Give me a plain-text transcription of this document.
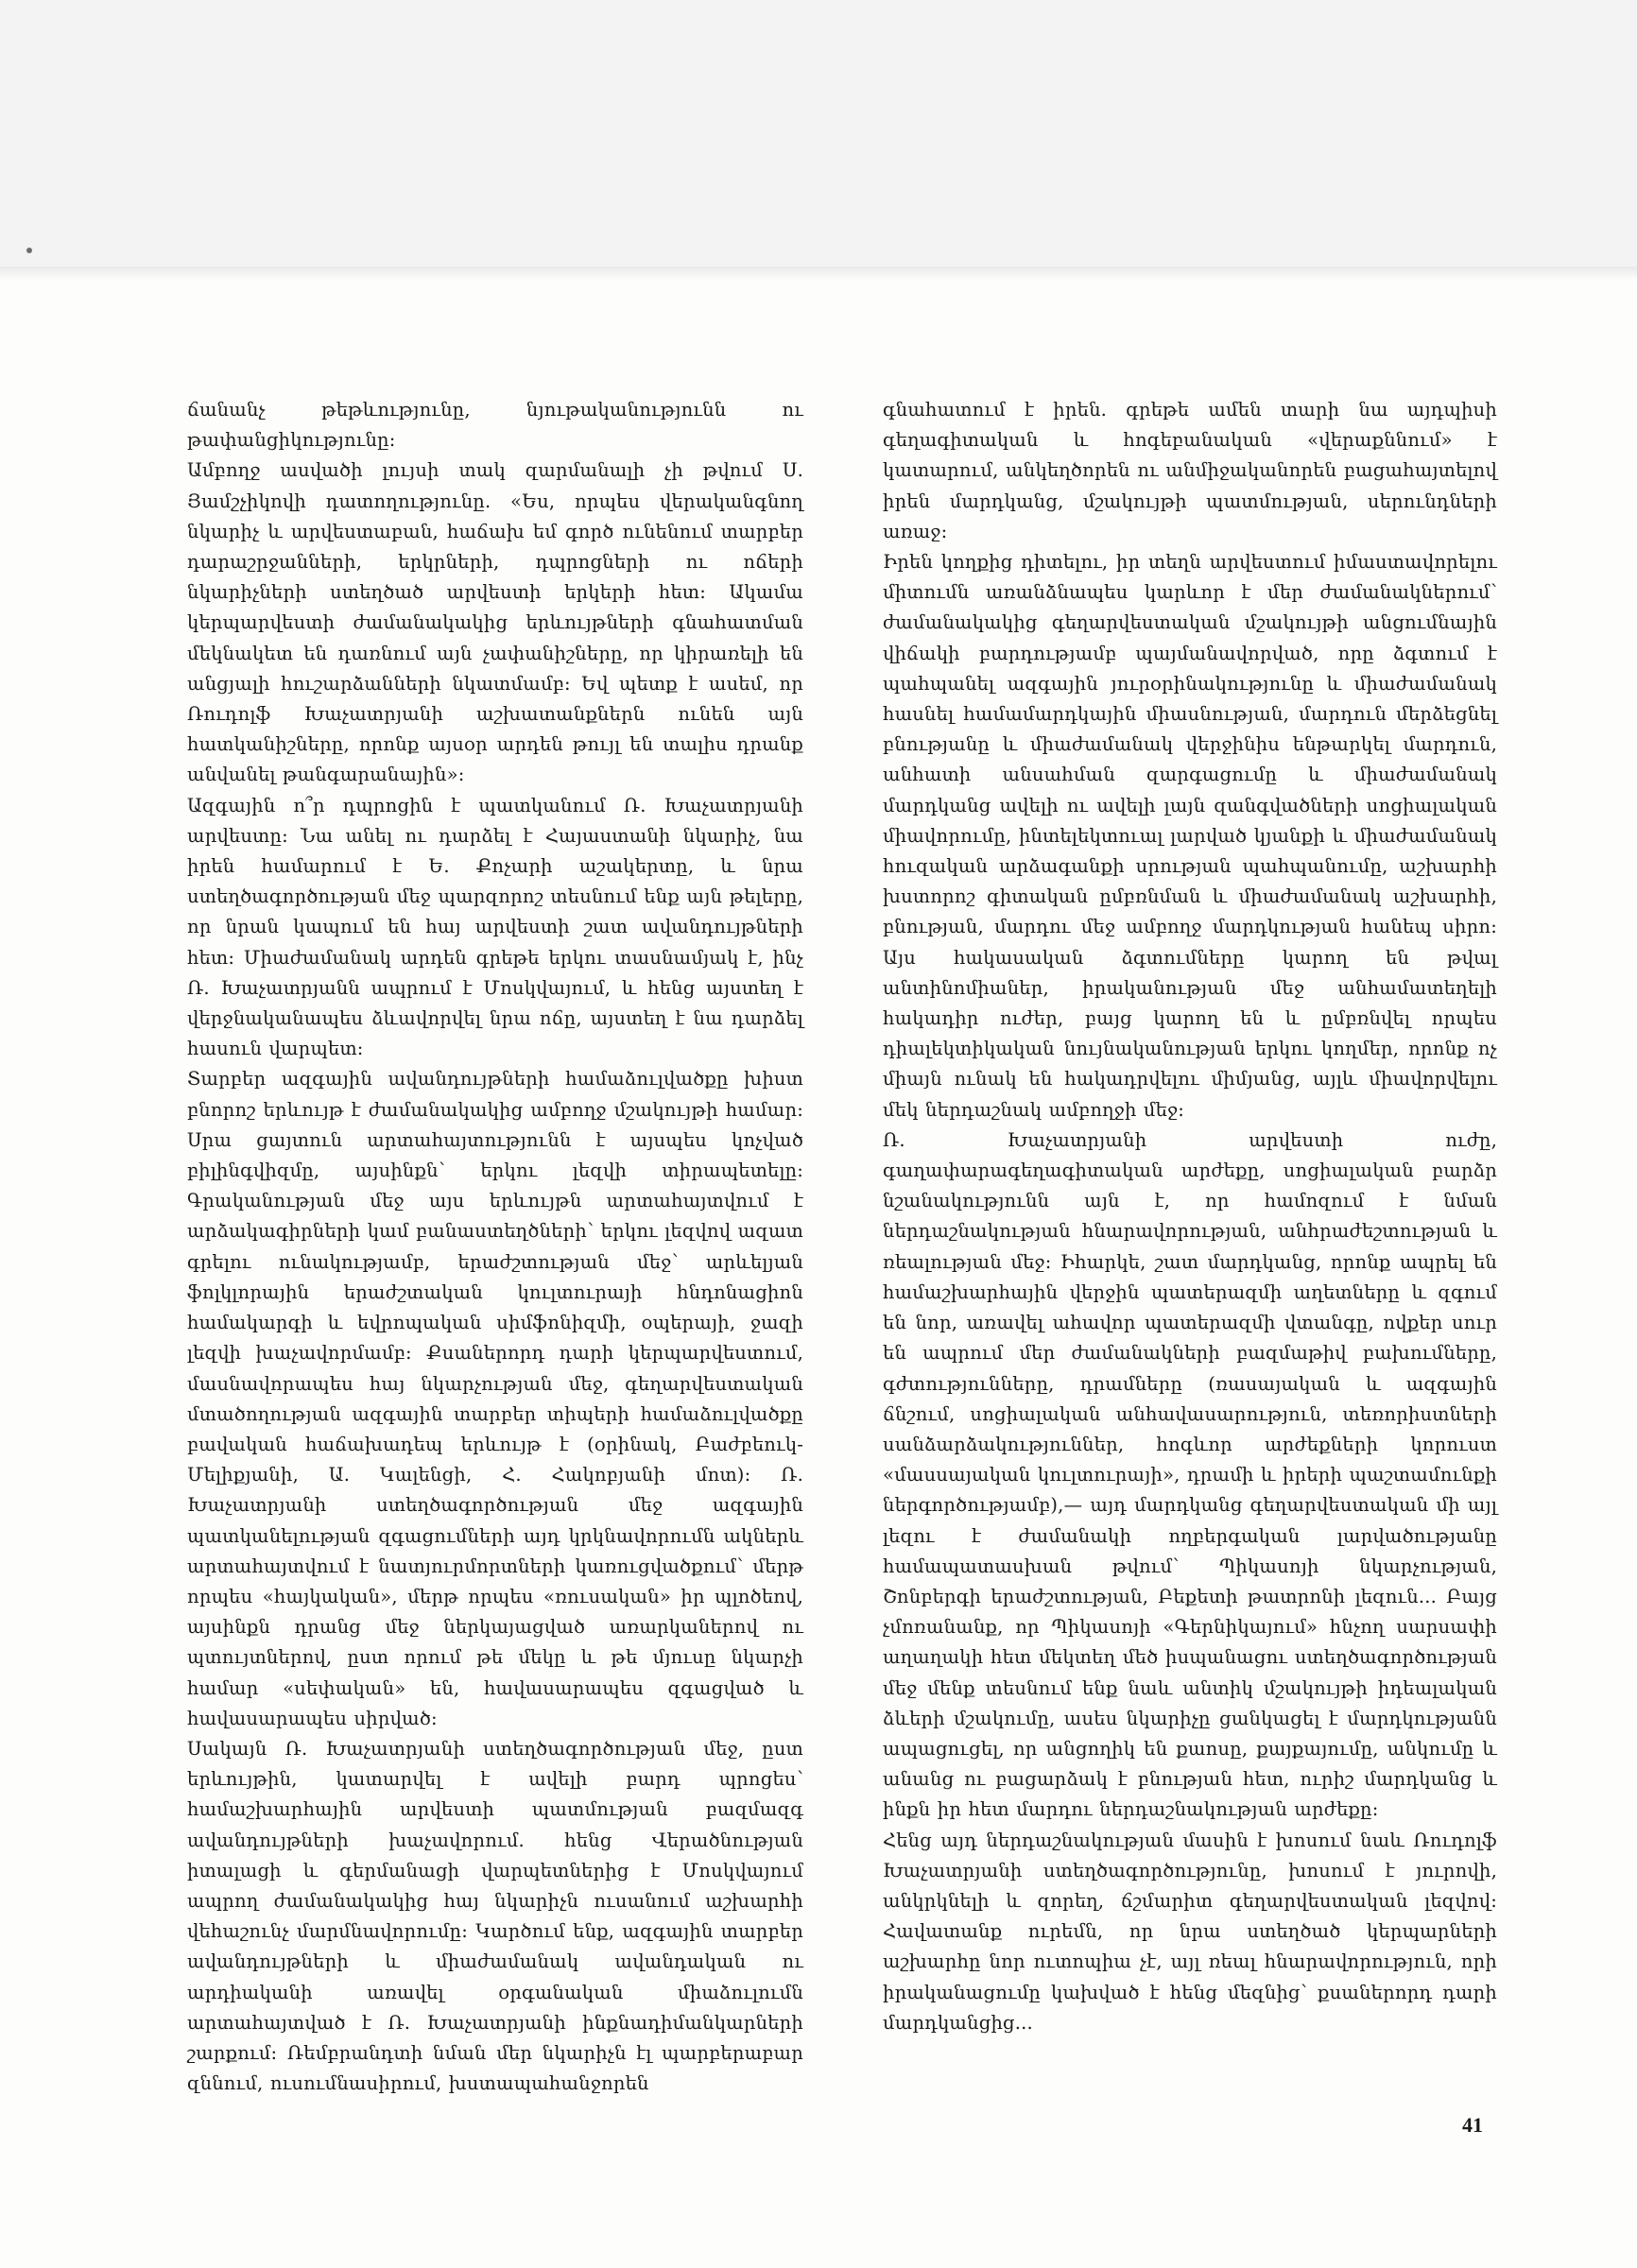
ճանանչ թեթևությունը, նյութականությունն ու թափանցիկությունը:

Ամբողջ ասվածի լույսի տակ զարմանալի չի թվում Ս. Յամշչիկովի դատողությունը. «Ես, որպես վերականգնող նկարիչ և արվեստաբան, հաճախ եմ գործ ունենում տարբեր դարաշրջանների, երկրների, դպրոցների ու ոճերի նկարիչների ստեղծած արվեստի երկերի հետ: Ակամա կերպարվեստի ժամանակակից երևույթների գնահատման մեկնակետ են դառնում այն չափանիշները, որ կիրառելի են անցյալի հուշարձանների նկատմամբ: Եվ պետք է ասեմ, որ Ռուդոլֆ Խաչատրյանի աշխատանքներն ունեն այն հատկանիշները, որոնք այսօր արդեն թույլ են տալիս դրանք անվանել թանգարանային»:

Ազգային ո՞ր դպրոցին է պատկանում Ռ. Խաչատրյանի արվեստը: Նա անել ու դարձել է Հայաստանի նկարիչ, նա իրեն համարում է Ե. Քոչարի աշակերտը, և նրա ստեղծագործության մեջ պարզորոշ տեսնում ենք այն թելերը, որ նրան կապում են հայ արվեստի շատ ավանդույթների հետ: Միաժամանակ արդեն գրեթե երկու տասնամյակ է, ինչ Ռ. Խաչատրյանն ապրում է Մոսկվայում, և հենց այստեղ է վերջնականապես ձևավորվել նրա ոճը, այստեղ է նա դարձել հասուն վարպետ:

Տարբեր ազգային ավանդույթների համաձուլվածքը խիստ բնորոշ երևույթ է ժամանակակից ամբողջ մշակույթի համար: Սրա ցայտուն արտահայտությունն է այսպես կոչված բիլինգվիզմը, այսինքն՝ երկու լեզվի տիրապետելը: Գրականության մեջ այս երևույթն արտահայտվում է արձակագիրների կամ բանաստեղծների՝ երկու լեզվով ազատ գրելու ունակությամբ, երաժշտության մեջ՝ արևելյան ֆոլկլորային երաժշտական կուլտուրայի հնդոնացիոն համակարգի և եվրոպական սիմֆոնիզմի, օպերայի, ջազի լեզվի խաչավորմամբ: Քսաներորդ դարի կերպարվեստում, մասնավորապես հայ նկարչության մեջ, գեղարվեստական մտածողության ազգային տարբեր տիպերի համաձուլվածքը բավական հաճախադեպ երևույթ է (օրինակ, Բաժբեուկ-Մելիքյանի, Ա. Կալենցի, Հ. Հակոբյանի մոտ): Ռ. Խաչատրյանի ստեղծագործության մեջ ազգային պատկանելության զգացումների այդ կրկնավորումն ակներև արտահայտվում է նատյուրմորտների կառուցվածքում՝ մերթ որպես «հայկական», մերթ որպես «ռուսական» իր պլոծեով, այսինքն դրանց մեջ ներկայացված առարկաներով ու պտույտներով, ըստ որում թե մեկը և թե մյուսը նկարչի համար «սեփական» են, հավասարապես զգացված և հավասարապես սիրված:

Սակայն Ռ. Խաչատրյանի ստեղծագործության մեջ, ըստ երևույթին, կատարվել է ավելի բարդ պրոցես՝ համաշխարհային արվեստի պատմության բազմազգ ավանդույթների խաչավորում. հենց Վերածնության իտալացի և գերմանացի վարպետներից է Մոսկվայում ապրող ժամանակակից հայ նկարիչն ուսանում աշխարհի վեհաշունչ մարմնավորումը: Կարծում ենք, ազգային տարբեր ավանդույթների և միաժամանակ ավանդական ու արդիականի առավել օրգանական միաձուլումն արտահայտված է Ռ. Խաչատրյանի ինքնադիմանկարների շարքում: Ռեմբրանդտի նման մեր նկարիչն էլ պարբերաբար զննում, ուսումնասիրում, խստապահանջորեն

գնահատում է իրեն. գրեթե ամեն տարի նա այդպիսի գեղագիտական և հոգեբանական «վերաքննում» է կատարում, անկեղծորեն ու անմիջականորեն բացահայտելով իրեն մարդկանց, մշակույթի պատմության, սերունդների առաջ:

Իրեն կողքից դիտելու, իր տեղն արվեստում իմաստավորելու միտումն առանձնապես կարևոր է մեր ժամանակներում՝ ժամանակակից գեղարվեստական մշակույթի անցումնային վիճակի բարդությամբ պայմանավորված, որը ձգտում է պահպանել ազգային յուրօրինակությունը և միաժամանակ հասնել համամարդկային միասնության, մարդուն մերձեցնել բնությանը և միաժամանակ վերջինիս ենթարկել մարդուն, անհատի անսահման զարգացումը և միաժամանակ մարդկանց ավելի ու ավելի լայն զանգվածների սոցիալական միավորումը, ինտելեկտուալ լարված կյանքի և միաժամանակ հուզական արձագանքի սրության պահպանումը, աշխարհի խստորոշ գիտական ըմբռնման և միաժամանակ աշխարհի, բնության, մարդու մեջ ամբողջ մարդկության հանեպ սիրո: Այս հակասական ձգտումները կարող են թվալ անտինոմիաներ, իրականության մեջ անհամատեղելի հակադիր ուժեր, բայց կարող են և ըմբռնվել որպես դիալեկտիկական նույնականության երկու կողմեր, որոնք ոչ միայն ունակ են հակադրվելու միմյանց, այլև միավորվելու մեկ ներդաշնակ ամբողջի մեջ:

Ռ. Խաչատրյանի արվեստի ուժը, գաղափարագեղագիտական արժեքը, սոցիալական բարձր նշանակությունն այն է, որ համոզում է նման ներդաշնակության հնարավորության, անհրաժեշտության և ռեալության մեջ: Իհարկե, շատ մարդկանց, որոնք ապրել են համաշխարհային վերջին պատերազմի աղետները և զգում են նոր, առավել ահավոր պատերազմի վտանգը, ովքեր սուր են ապրում մեր ժամանակների բազմաթիվ բախումները, գժտությունները, դրամները (ռասայական և ազգային ճնշում, սոցիալական անհավասարություն, տեռորիստների սանձարձակություններ, հոգևոր արժեքների կորուստ «մասսայական կուլտուրայի», դրամի և իրերի պաշտամունքի ներգործությամբ),— այդ մարդկանց գեղարվեստական մի այլ լեզու է ժամանակի ողբերգական լարվածությանը համապատասխան թվում՝ Պիկասոյի նկարչության, Շոնբերգի երաժշտության, Բեքետի թատրոնի լեզուն... Բայց չմոռանանք, որ Պիկասոյի «Գերնիկայում» հնչող սարսափի աղաղակի հետ մեկտեղ մեծ իսպանացու ստեղծագործության մեջ մենք տեսնում ենք նաև անտիկ մշակույթի իդեալական ձևերի մշակումը, ասես նկարիչը ցանկացել է մարդկությանն ապացուցել, որ անցողիկ են քաոսը, քայքայումը, անկումը և անանց ու բացարձակ է բնության հետ, ուրիշ մարդկանց և ինքն իր հետ մարդու ներդաշնակության արժեքը:

Հենց այդ ներդաշնակության մասին է խոսում նաև Ռուդոլֆ Խաչատրյանի ստեղծագործությունը, խոսում է յուրովի, անկրկնելի և զորեղ, ճշմարիտ գեղարվեստական լեզվով: Հավատանք ուրեմն, որ նրա ստեղծած կերպարների աշխարհը նոր ուտոպիա չէ, այլ ռեալ հնարավորություն, որի իրականացումը կախված է հենց մեզնից՝ քսաներորդ դարի մարդկանցից...

41
